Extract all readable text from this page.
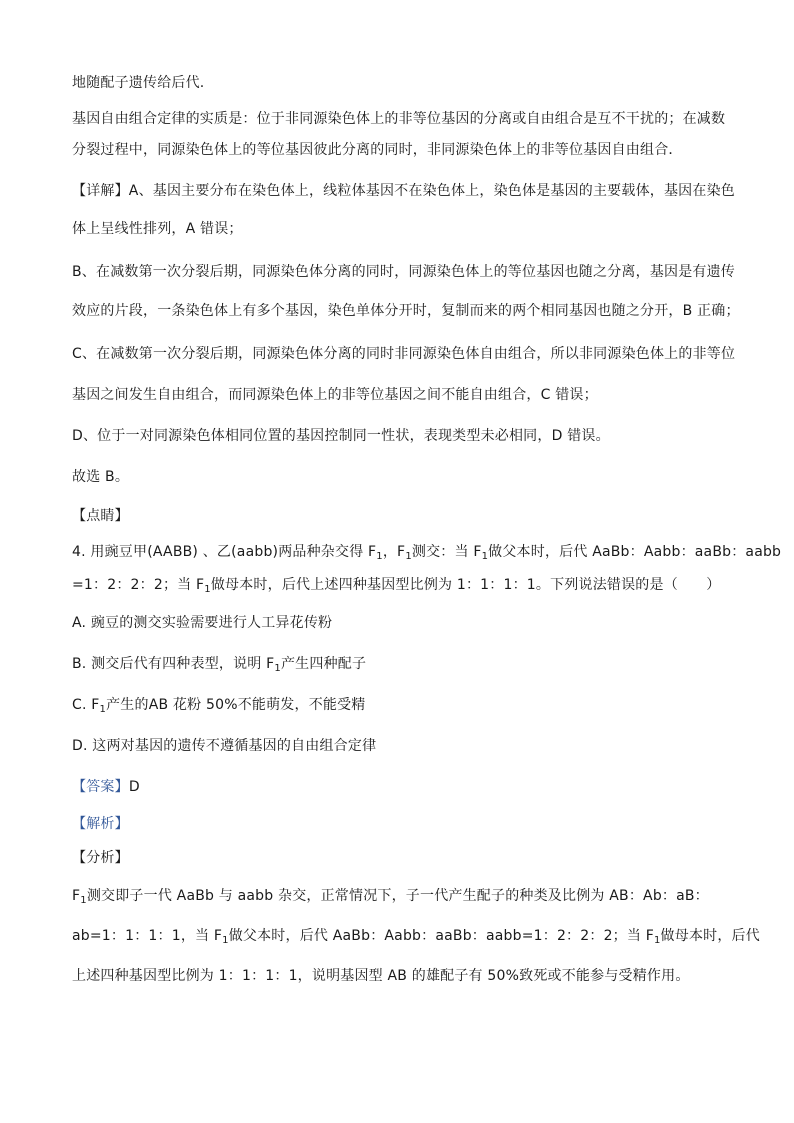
地随配子遗传给后代.
基因自由组合定律的实质是：位于非同源染色体上的非等位基因的分离或自由组合是互不干扰的；在减数
分裂过程中，同源染色体上的等位基因彼此分离的同时，非同源染色体上的非等位基因自由组合．
【详解】A、基因主要分布在染色体上，线粒体基因不在染色体上，染色体是基因的主要载体，基因在染色
体上呈线性排列，A 错误；
B、在减数第一次分裂后期，同源染色体分离的同时，同源染色体上的等位基因也随之分离，基因是有遗传
效应的片段，一条染色体上有多个基因，染色单体分开时，复制而来的两个相同基因也随之分开，B 正确；
C、在减数第一次分裂后期，同源染色体分离的同时非同源染色体自由组合，所以非同源染色体上的非等位
基因之间发生自由组合，而同源染色体上的非等位基因之间不能自由组合，C 错误；
D、位于一对同源染色体相同位置的基因控制同一性状，表现类型未必相同，D 错误。
故选 B。
【点睛】
4. 用豌豆甲(AABB) 、乙(aabb)两品种杂交得 $F_1$，$F_1$测交：当 $F_1$做父本时，后代 AaBb：Aabb：aaBb：aabb
=1：2：2：2；当 $F_1$做母本时，后代上述四种基因型比例为 1：1：1：1。下列说法错误的是（　　）
A. 豌豆的测交实验需要进行人工异花传粉
B. 测交后代有四种表型，说明 $F_1$产生四种配子
C. $F_1$产生的AB 花粉 50%不能萌发，不能受精
D. 这两对基因的遗传不遵循基因的自由组合定律
【答案】D
【解析】
【分析】
$F_1$测交即子一代 AaBb 与 aabb 杂交，正常情况下，子一代产生配子的种类及比例为 AB：Ab：aB：
ab=1：1：1：1，当 $F_1$做父本时，后代 AaBb：Aabb：aaBb：aabb=1：2：2：2；当 $F_1$做母本时，后代
上述四种基因型比例为 1：1：1：1，说明基因型 AB 的雄配子有 50%致死或不能参与受精作用。
